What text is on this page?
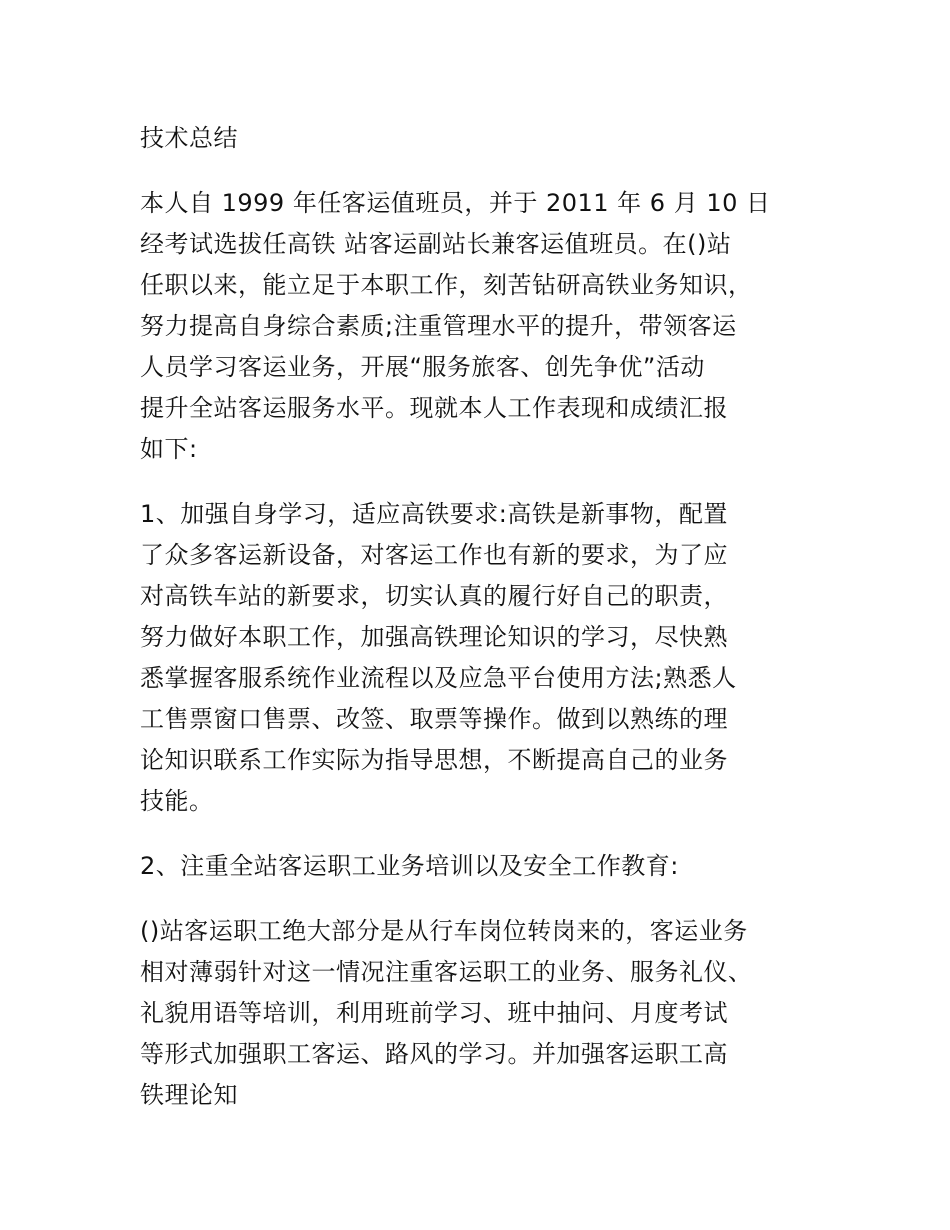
技术总结
本人自 1999 年任客运值班员，并于 2011 年 6 月 10 日
经考试选拔任高铁 站客运副站长兼客运值班员。在()站
任职以来，能立足于本职工作，刻苦钻研高铁业务知识，
努力提高自身综合素质;注重管理水平的提升，带领客运
人员学习客运业务，开展“服务旅客、创先争优”活动
提升全站客运服务水平。现就本人工作表现和成绩汇报
如下:
1、加强自身学习，适应高铁要求:高铁是新事物，配置
了众多客运新设备，对客运工作也有新的要求，为了应
对高铁车站的新要求，切实认真的履行好自己的职责，
努力做好本职工作，加强高铁理论知识的学习，尽快熟
悉掌握客服系统作业流程以及应急平台使用方法;熟悉人
工售票窗口售票、改签、取票等操作。做到以熟练的理
论知识联系工作实际为指导思想，不断提高自己的业务
技能。
2、注重全站客运职工业务培训以及安全工作教育:
()站客运职工绝大部分是从行车岗位转岗来的，客运业务
相对薄弱针对这一情况注重客运职工的业务、服务礼仪、
礼貌用语等培训，利用班前学习、班中抽问、月度考试
等形式加强职工客运、路风的学习。并加强客运职工高
铁理论知
